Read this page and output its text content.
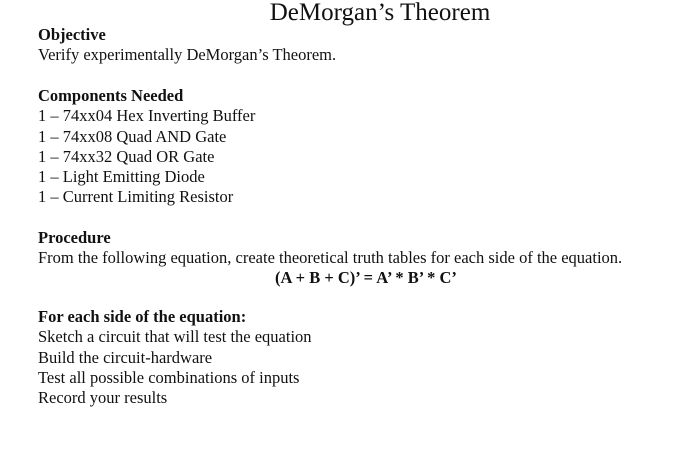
DeMorgan’s Theorem
Objective
Verify experimentally DeMorgan’s Theorem.
Components Needed
1 – 74xx04 Hex Inverting Buffer
1 – 74xx08 Quad AND Gate
1 – 74xx32 Quad OR Gate
1 – Light Emitting Diode
1 – Current Limiting Resistor
Procedure
From the following equation, create theoretical truth tables for each side of the equation.
(A + B + C)’ = A’ * B’ * C’
For each side of the equation:
Sketch a circuit that will test the equation
Build the circuit-hardware
Test all possible combinations of inputs
Record your results
